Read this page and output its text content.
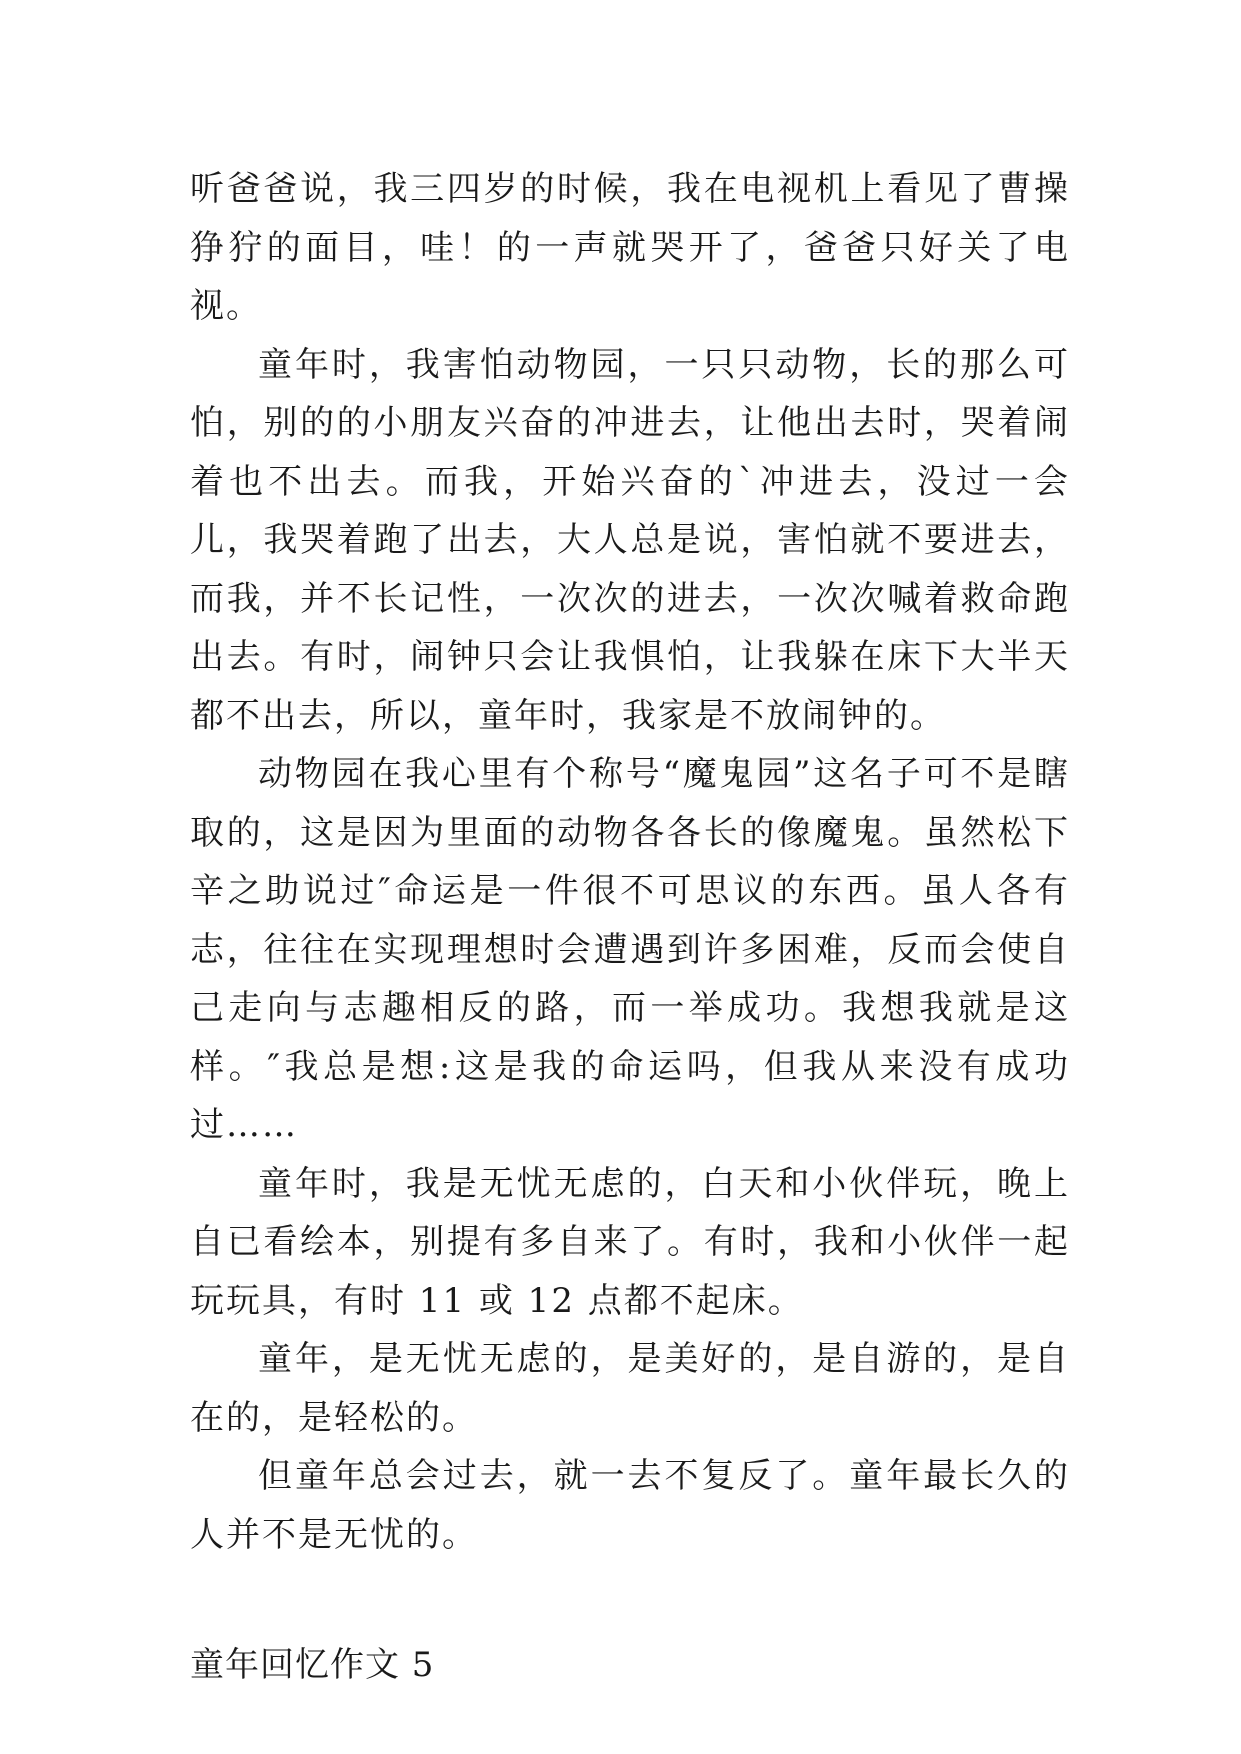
听爸爸说，我三四岁的时候，我在电视机上看见了曹操狰狞的面目，哇！的一声就哭开了，爸爸只好关了电视。

童年时，我害怕动物园，一只只动物，长的那么可怕，别的的小朋友兴奋的冲进去，让他出去时，哭着闹着也不出去。而我，开始兴奋的`冲进去，没过一会儿，我哭着跑了出去，大人总是说，害怕就不要进去，而我，并不长记性，一次次的进去，一次次喊着救命跑出去。有时，闹钟只会让我惧怕，让我躲在床下大半天都不出去，所以，童年时，我家是不放闹钟的。

动物园在我心里有个称号“魔鬼园”这名子可不是瞎取的，这是因为里面的动物各各长的像魔鬼。虽然松下辛之助说过″命运是一件很不可思议的东西。虽人各有志，往往在实现理想时会遭遇到许多困难，反而会使自己走向与志趣相反的路，而一举成功。我想我就是这样。″我总是想:这是我的命运吗，但我从来没有成功过……

童年时，我是无忧无虑的，白天和小伙伴玩，晚上自已看绘本，别提有多自来了。有时，我和小伙伴一起玩玩具，有时 11 或 12 点都不起床。

童年，是无忧无虑的，是美好的，是自游的，是自在的，是轻松的。

但童年总会过去，就一去不复反了。童年最长久的人并不是无忧的。

童年回忆作文 5
